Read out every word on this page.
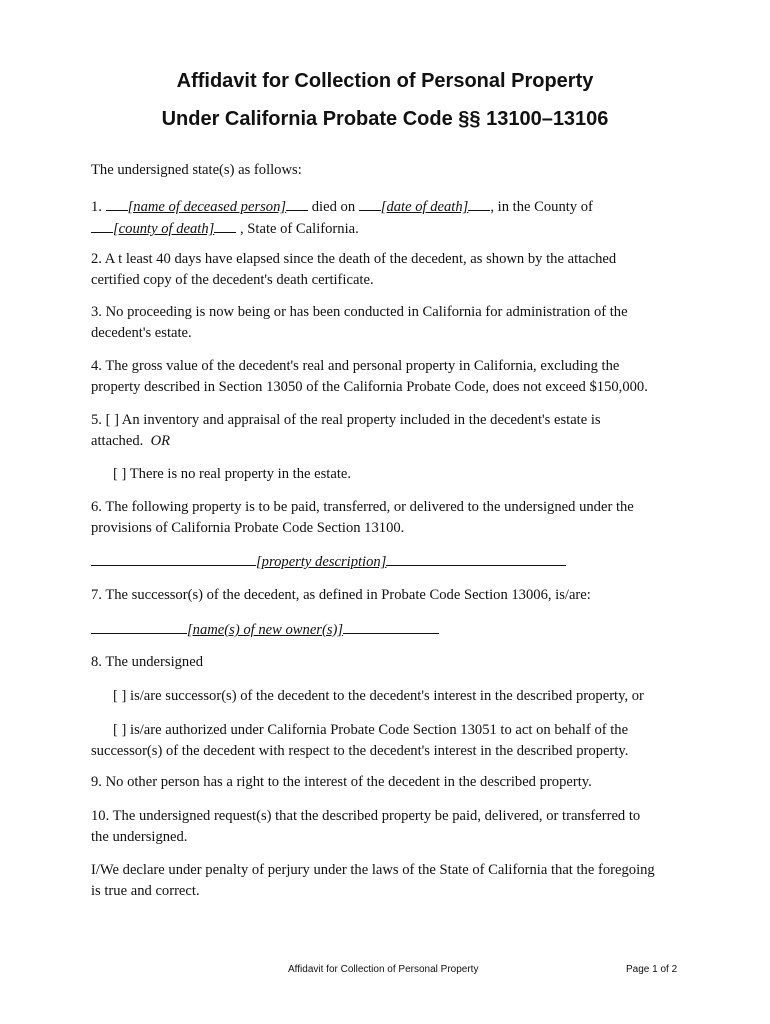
Affidavit for Collection of Personal Property
Under California Probate Code §§ 13100–13106

The undersigned state(s) as follows:

1. [name of deceased person] died on [date of death] , in the County of
[county of death] , State of California.
2. A t least 40 days have elapsed since the death of the decedent, as shown by the attached
certified copy of the decedent's death certificate.
3. No proceeding is now being or has been conducted in California for administration of the
decedent's estate.
4. The gross value of the decedent's real and personal property in California, excluding the
property described in Section 13050 of the California Probate Code, does not exceed $150,000.
5. [ ] An inventory and appraisal of the real property included in the decedent's estate is
attached. OR
[ ] There is no real property in the estate.
6. The following property is to be paid, transferred, or delivered to the undersigned under the
provisions of California Probate Code Section 13100.
[property description]
7. The successor(s) of the decedent, as defined in Probate Code Section 13006, is/are:
[name(s) of new owner(s)]
8. The undersigned
[ ] is/are successor(s) of the decedent to the decedent's interest in the described property, or
[ ] is/are authorized under California Probate Code Section 13051 to act on behalf of the
successor(s) of the decedent with respect to the decedent's interest in the described property.
9. No other person has a right to the interest of the decedent in the described property.
10. The undersigned request(s) that the described property be paid, delivered, or transferred to
the undersigned.
I/We declare under penalty of perjury under the laws of the State of California that the foregoing
is true and correct.
Affidavit for Collection of Personal Property	Page 1 of 2
